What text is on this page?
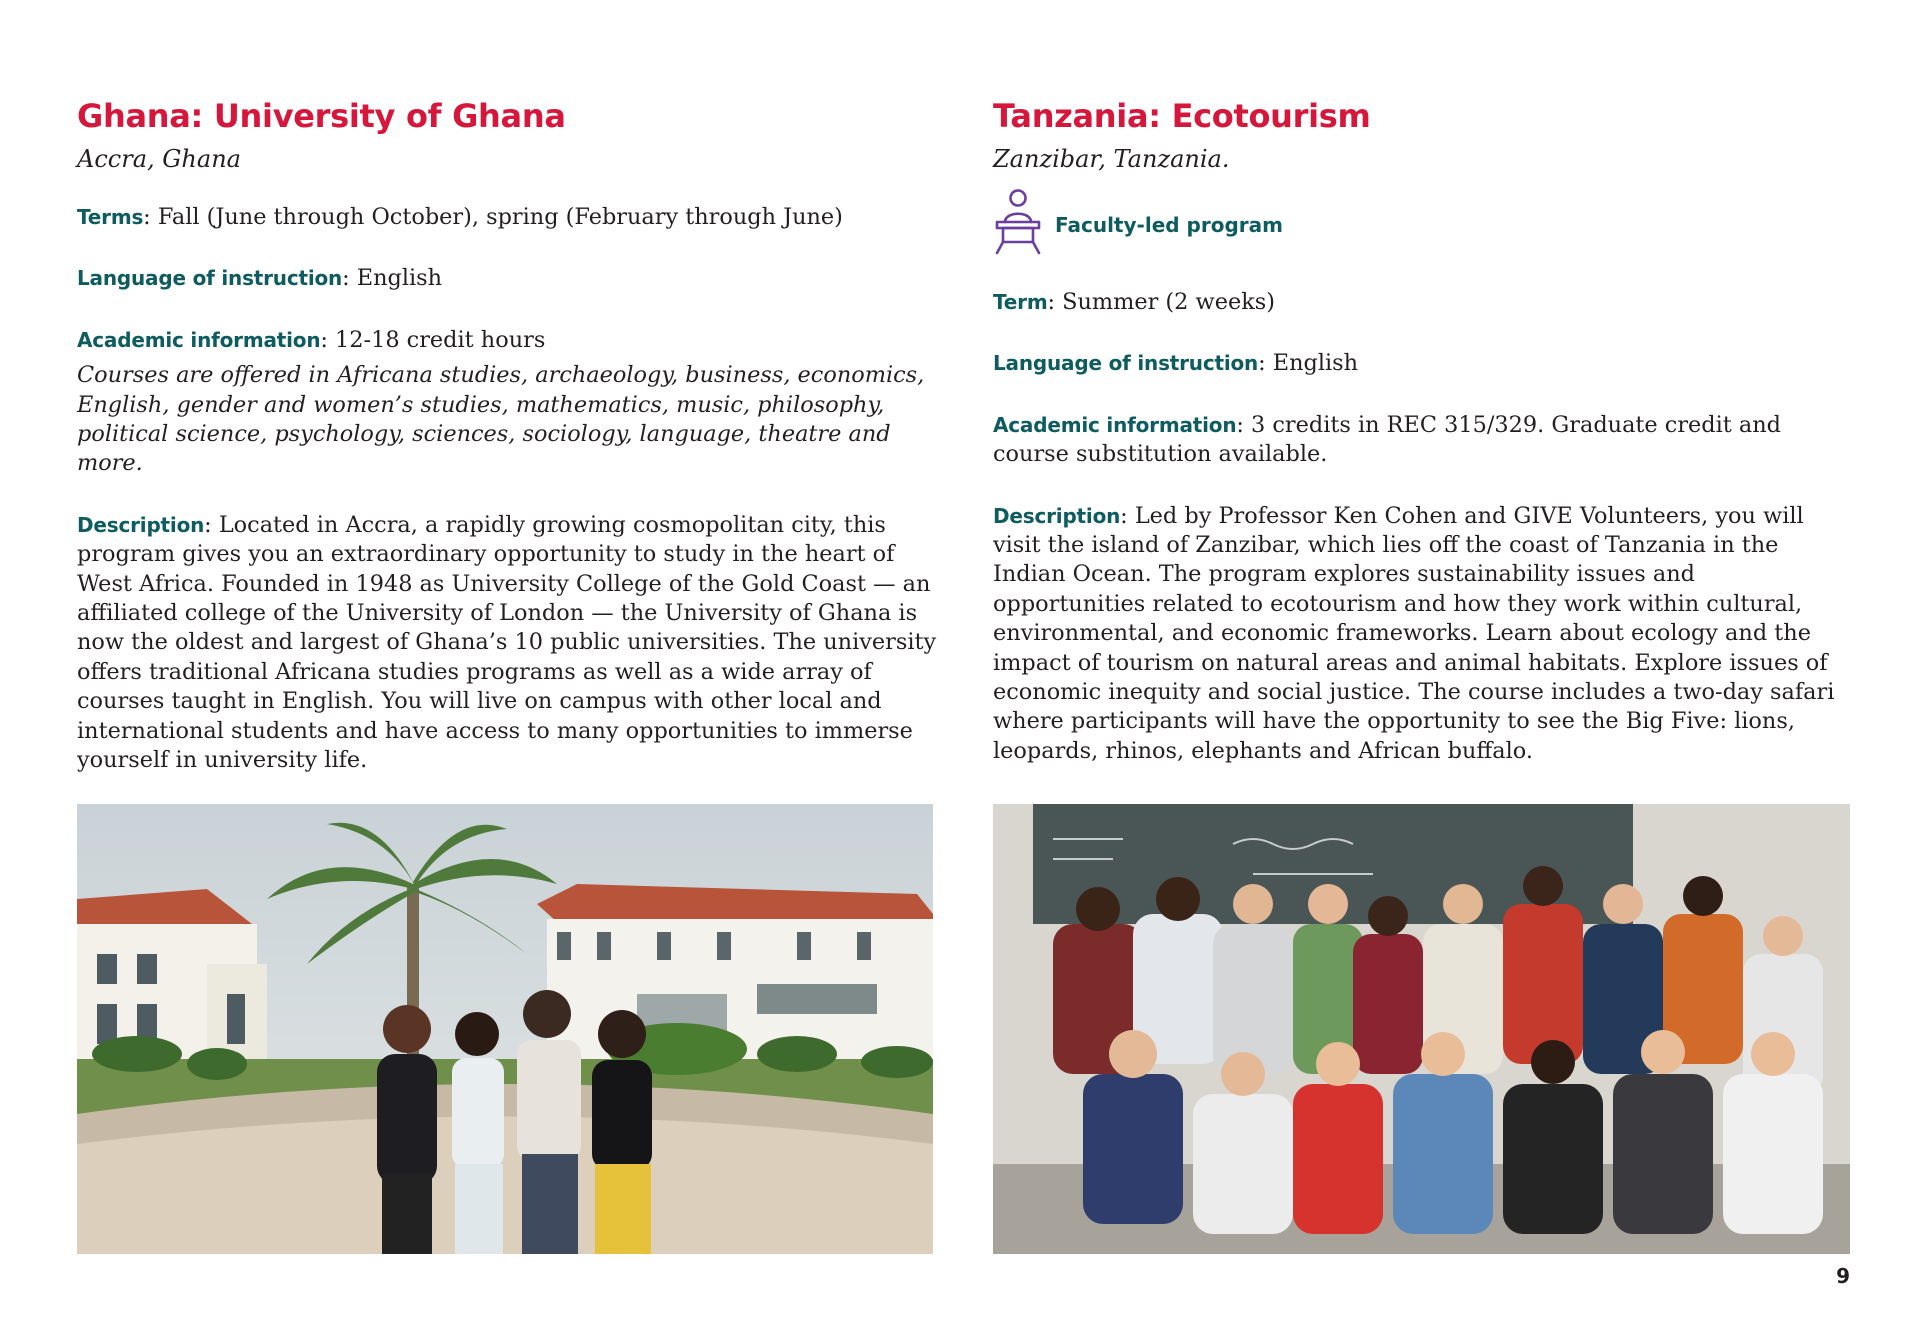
Ghana: University of Ghana
Accra, Ghana

Terms: Fall (June through October), spring (February through June)

Language of instruction: English

Academic information: 12-18 credit hours

Courses are offered in Africana studies, archaeology, business, economics, English, gender and women’s studies, mathematics, music, philosophy, political science, psychology, sciences, sociology, language, theatre and more.

Description: Located in Accra, a rapidly growing cosmopolitan city, this program gives you an extraordinary opportunity to study in the heart of West Africa. Founded in 1948 as University College of the Gold Coast — an affiliated college of the University of London — the University of Ghana is now the oldest and largest of Ghana’s 10 public universities. The university offers traditional Africana studies programs as well as a wide array of courses taught in English. You will live on campus with other local and international students and have access to many opportunities to immerse yourself in university life.

Tanzania: Ecotourism
Zanzibar, Tanzania.
Faculty-led program

Term: Summer (2 weeks)

Language of instruction: English

Academic information: 3 credits in REC 315/329. Graduate credit and course substitution available.

Description: Led by Professor Ken Cohen and GIVE Volunteers, you will visit the island of Zanzibar, which lies off the coast of Tanzania in the Indian Ocean. The program explores sustainability issues and opportunities related to ecotourism and how they work within cultural, environmental, and economic frameworks. Learn about ecology and the impact of tourism on natural areas and animal habitats. Explore issues of economic inequity and social justice. The course includes a two-day safari where participants will have the opportunity to see the Big Five: lions, leopards, rhinos, elephants and African buffalo.

9
